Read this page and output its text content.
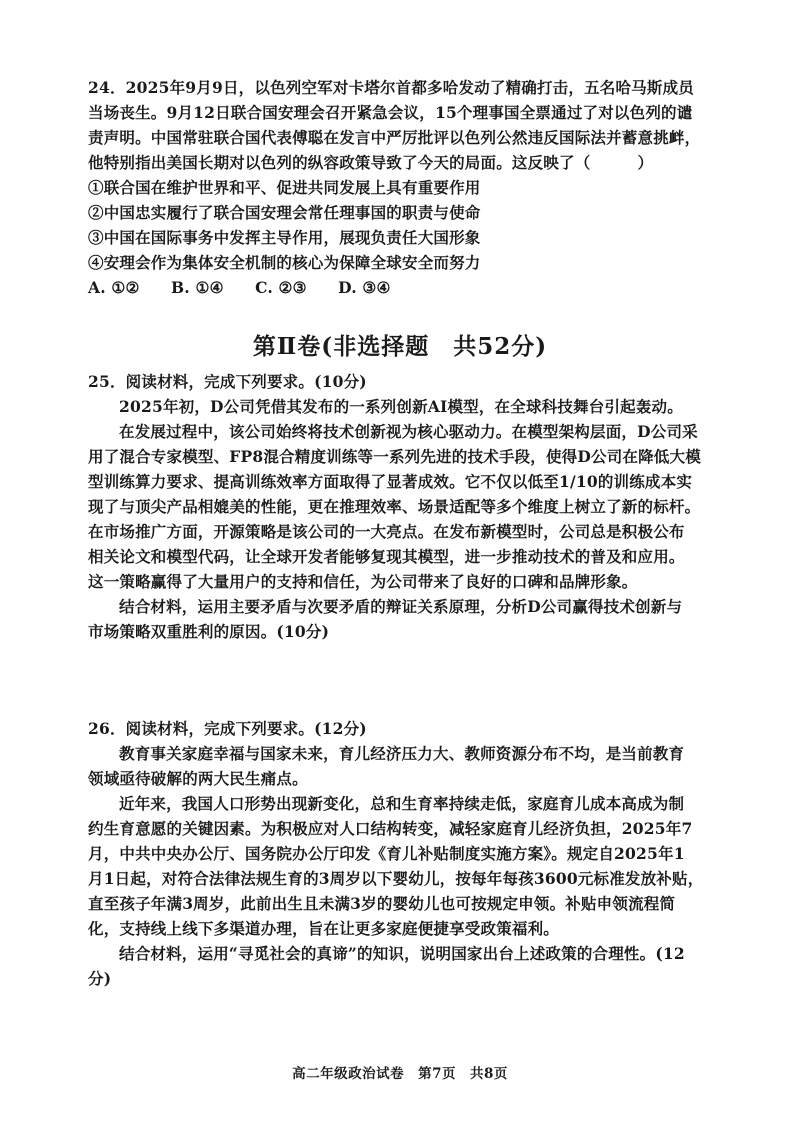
24．2025年9月9日，以色列空军对卡塔尔首都多哈发动了精确打击，五名哈马斯成员
当场丧生。9月12日联合国安理会召开紧急会议，15个理事国全票通过了对以色列的谴
责声明。中国常驻联合国代表傅聪在发言中严厉批评以色列公然违反国际法并蓄意挑衅，
他特别指出美国长期对以色列的纵容政策导致了今天的局面。这反映了（　　　）
①联合国在维护世界和平、促进共同发展上具有重要作用
②中国忠实履行了联合国安理会常任理事国的职责与使命
③中国在国际事务中发挥主导作用，展现负责任大国形象
④安理会作为集体安全机制的核心为保障全球安全而努力
A. ①②　　B. ①④　　C. ②③　　D. ③④
第Ⅱ卷(非选择题　共52分)
25．阅读材料，完成下列要求。(10分)
2025年初，D公司凭借其发布的一系列创新AI模型，在全球科技舞台引起轰动。
在发展过程中，该公司始终将技术创新视为核心驱动力。在模型架构层面，D公司采
用了混合专家模型、FP8混合精度训练等一系列先进的技术手段，使得D公司在降低大模
型训练算力要求、提高训练效率方面取得了显著成效。它不仅以低至1/10的训练成本实
现了与顶尖产品相媲美的性能，更在推理效率、场景适配等多个维度上树立了新的标杆。
在市场推广方面，开源策略是该公司的一大亮点。在发布新模型时，公司总是积极公布
相关论文和模型代码，让全球开发者能够复现其模型，进一步推动技术的普及和应用。
这一策略赢得了大量用户的支持和信任，为公司带来了良好的口碑和品牌形象。
结合材料，运用主要矛盾与次要矛盾的辩证关系原理，分析D公司赢得技术创新与
市场策略双重胜利的原因。(10分)
26．阅读材料，完成下列要求。(12分)
教育事关家庭幸福与国家未来，育儿经济压力大、教师资源分布不均，是当前教育
领域亟待破解的两大民生痛点。
近年来，我国人口形势出现新变化，总和生育率持续走低，家庭育儿成本高成为制
约生育意愿的关键因素。为积极应对人口结构转变，减轻家庭育儿经济负担，2025年7
月，中共中央办公厅、国务院办公厅印发《育儿补贴制度实施方案》。规定自2025年1
月1日起，对符合法律法规生育的3周岁以下婴幼儿，按每年每孩3600元标准发放补贴，
直至孩子年满3周岁，此前出生且未满3岁的婴幼儿也可按规定申领。补贴申领流程简
化，支持线上线下多渠道办理，旨在让更多家庭便捷享受政策福利。
结合材料，运用“寻觅社会的真谛”的知识，说明国家出台上述政策的合理性。(12
分)
高二年级政治试卷　第7页　共8页
